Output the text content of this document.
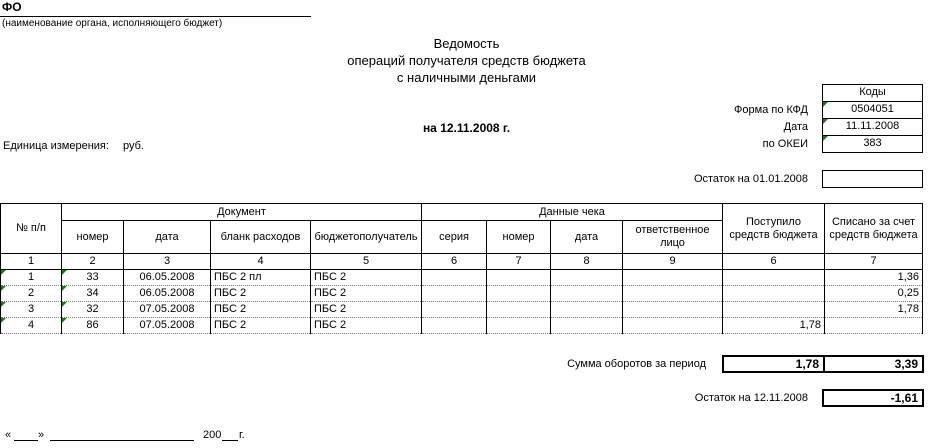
ФО
(наименование органа, исполняющего бюджет)
Ведомость
операций получателя средств бюджета
с наличными деньгами
на 12.11.2008 г.
Коды
Форма по КФД	0504051
Дата	11.11.2008
по ОКЕИ	383
Единица измерения: руб.
Остаток на 01.01.2008
№ п/п	Документ				Данные чека				Поступило средств бюджета	Списано за счет средств бюджета
	номер	дата	бланк расходов	бюджетополучатель	серия	номер	дата	ответственное лицо		
1	2	3	4	5	6	7	8	9	6	7
1	33	06.05.2008	ПБС 2 пл	ПБС 2						1,36
2	34	06.05.2008	ПБС 2	ПБС 2						0,25
3	32	07.05.2008	ПБС 2	ПБС 2						1,78
4	86	07.05.2008	ПБС 2	ПБС 2					1,78	
Сумма оборотов за период	1,78	3,39
Остаток на 12.11.2008	-1,61
« »	200 г.
